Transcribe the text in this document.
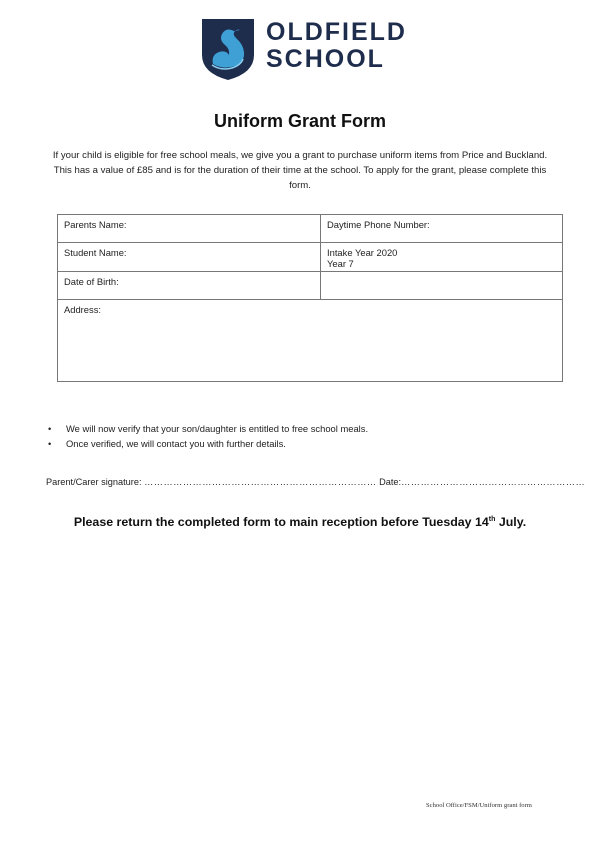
OLDFIELD
SCHOOL
Uniform Grant Form
If your child is eligible for free school meals, we give you a grant to purchase uniform items from Price and Buckland. This has a value of £85 and is for the duration of their time at the school. To apply for the grant, please complete this form.
Parents Name:	Daytime Phone Number:
Student Name:	Intake Year 2020
Year 7

Date of Birth:	
Address:	
• We will now verify that your son/daughter is entitled to free school meals.
• Once verified, we will contact you with further details.
Parent/Carer signature: ……………………………………………………………… Date:…………………………………………………
Please return the completed form to main reception before Tuesday 14th July.
School Office/FSM/Uniform grant form
